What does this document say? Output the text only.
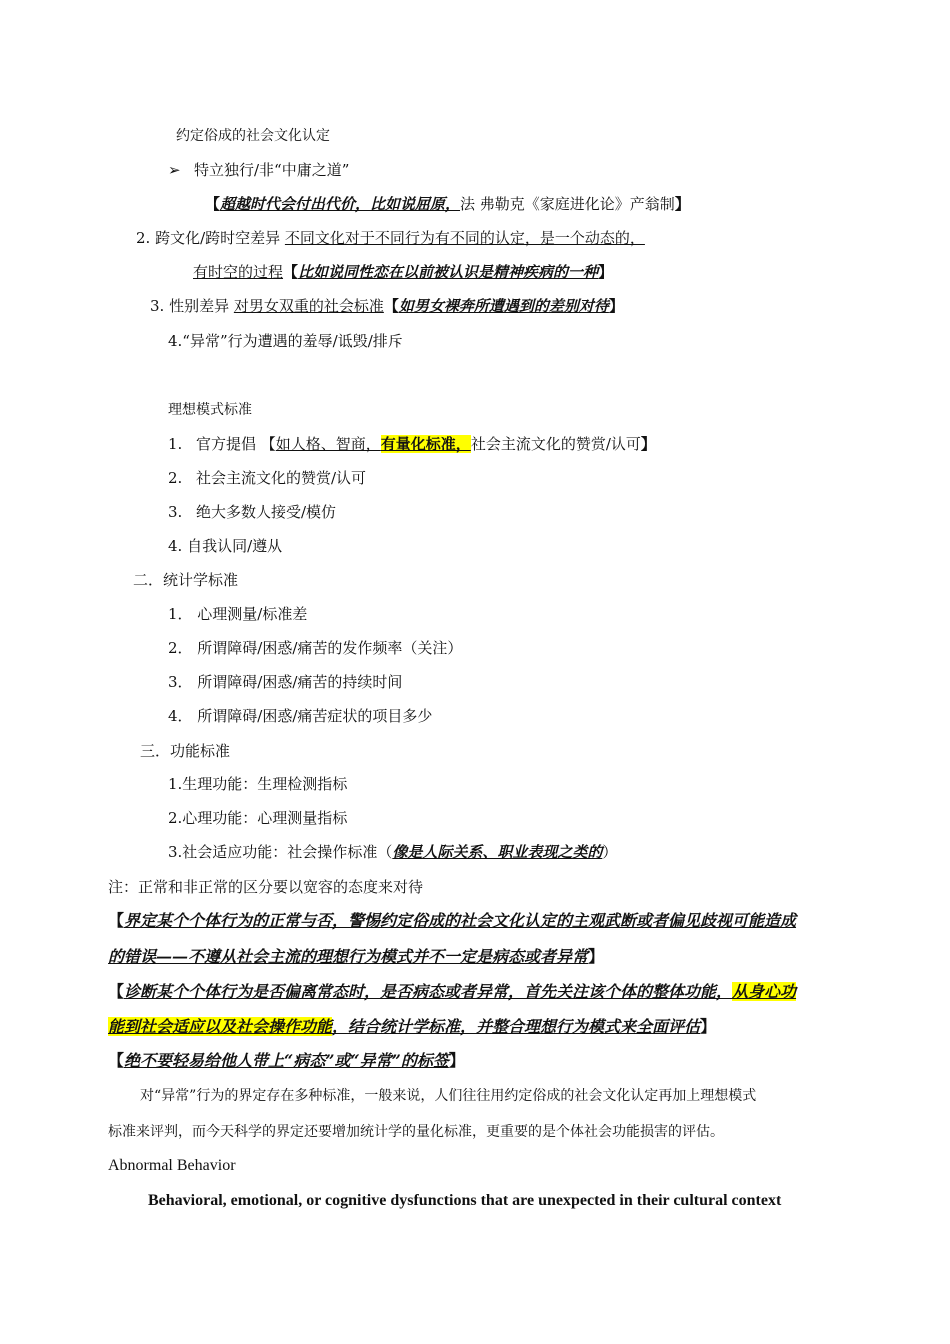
约定俗成的社会文化认定
➢ 特立独行/非“中庸之道”
【超越时代会付出代价，比如说屈原，法 弗勒克《家庭进化论》产翁制】
2. 跨文化/跨时空差异 不同文化对于不同行为有不同的认定，是一个动态的，
有时空的过程【比如说同性恋在以前被认识是精神疾病的一种】
3. 性别差异 对男女双重的社会标准【如男女裸奔所遭遇到的差别对待】
4.“异常”行为遭遇的羞辱/诋毁/排斥
理想模式标准
1. 官方提倡 【如人格、智商，有量化标准，社会主流文化的赞赏/认可】
2. 社会主流文化的赞赏/认可
3. 绝大多数人接受/模仿
4. 自我认同/遵从
二．统计学标准
1． 心理测量/标准差
2． 所谓障碍/困惑/痛苦的发作频率（关注）
3． 所谓障碍/困惑/痛苦的持续时间
4． 所谓障碍/困惑/痛苦症状的项目多少
三．功能标准
1.生理功能：生理检测指标
2.心理功能：心理测量指标
3.社会适应功能：社会操作标准（像是人际关系、职业表现之类的）
注：正常和非正常的区分要以宽容的态度来对待
【界定某个个体行为的正常与否，警惕约定俗成的社会文化认定的主观武断或者偏见歧视可能造成
的错误——不遵从社会主流的理想行为模式并不一定是病态或者异常】
【诊断某个个体行为是否偏离常态时，是否病态或者异常，首先关注该个体的整体功能，从身心功
能到社会适应以及社会操作功能，结合统计学标准，并整合理想行为模式来全面评估】
【绝不要轻易给他人带上“病态”或“异常”的标签】
对“异常”行为的界定存在多种标准，一般来说，人们往往用约定俗成的社会文化认定再加上理想模式
标准来评判，而今天科学的界定还要增加统计学的量化标准，更重要的是个体社会功能损害的评估。
Abnormal Behavior
Behavioral, emotional, or cognitive dysfunctions that are unexpected in their cultural context
